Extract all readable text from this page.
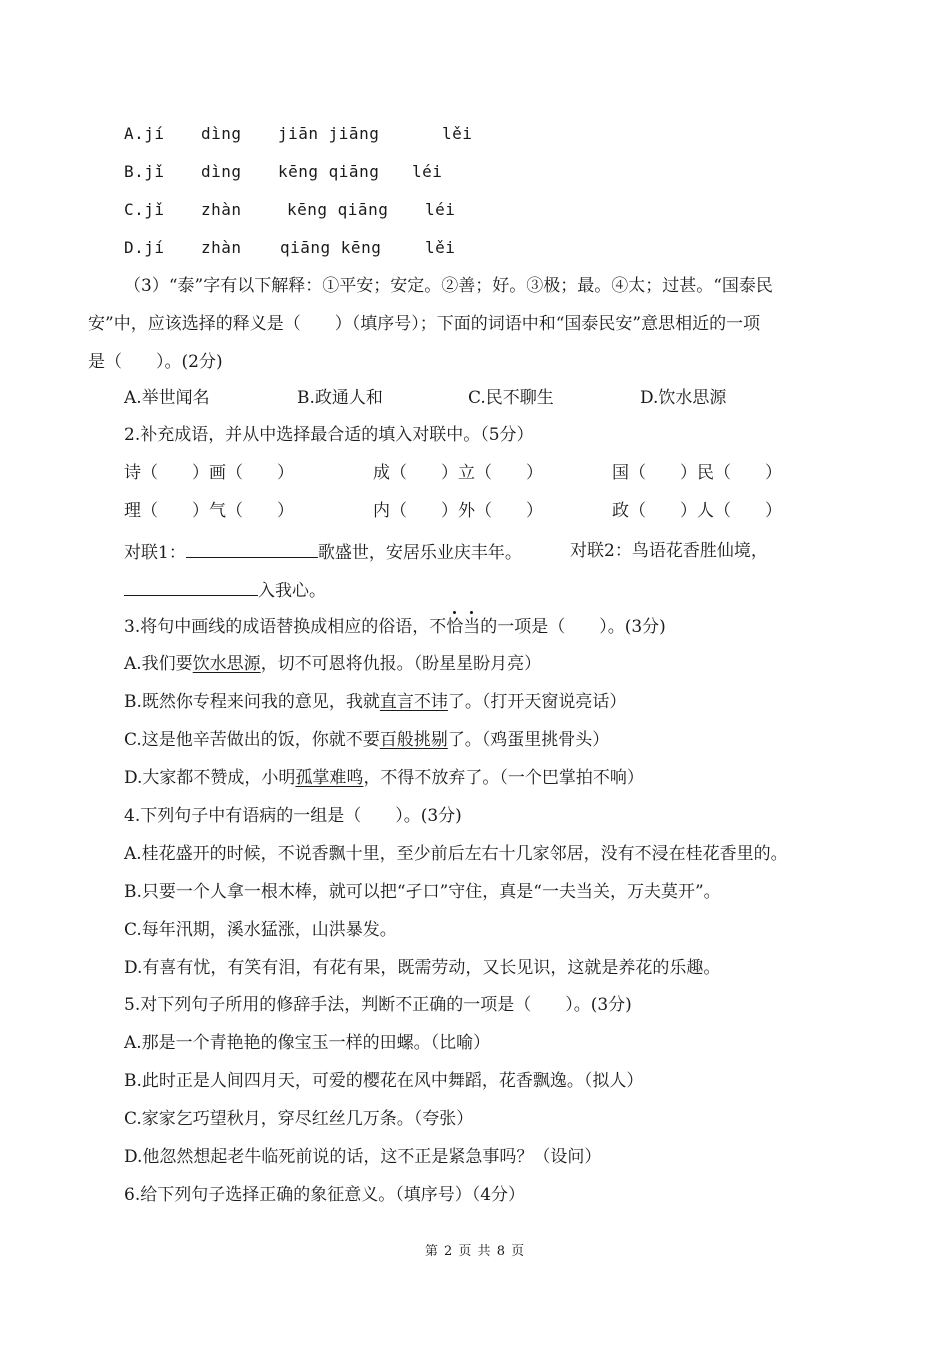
A.jí dìng jiān jiāng	lěi
B.jǐ dìng kēng qiāng léi
C.jǐ zhàn	kēng qiāng léi
D.jí zhàn qiāng kēng	lěi
（3）“泰”字有以下解释：①平安；安定。②善；好。③极；最。④太；过甚。“国泰民
安”中，应该选择的释义是（　　）（填序号）；下面的词语中和“国泰民安”意思相近的一项
是（　　）。(2分)
A.举世闻名	B.政通人和	C.民不聊生	D.饮水思源
2.补充成语，并从中选择最合适的填入对联中。（5分）
诗（　　）画（　　）	成（　　）立（　　）	国（　　）民（　　）
理（　　）气（　　）	内（　　）外（　　）	政（　　）人（　　）
对联1：	歌盛世，安居乐业庆丰年。	对联2：鸟语花香胜仙境，
入我心。
3.将句中画线的成语替换成相应的俗语，不恰当的一项是（　　）。(3分)
A.我们要饮水思源，切不可恩将仇报。（盼星星盼月亮）
B.既然你专程来问我的意见，我就直言不讳了。（打开天窗说亮话）
C.这是他辛苦做出的饭，你就不要百般挑剔了。（鸡蛋里挑骨头）
D.大家都不赞成，小明孤掌难鸣，不得不放弃了。（一个巴掌拍不响）
4.下列句子中有语病的一组是（　　）。(3分)
A.桂花盛开的时候，不说香飘十里，至少前后左右十几家邻居，没有不浸在桂花香里的。
B.只要一个人拿一根木棒，就可以把“孑口”守住，真是“一夫当关，万夫莫开”。
C.每年汛期，溪水猛涨，山洪暴发。
D.有喜有忧，有笑有泪，有花有果，既需劳动，又长见识，这就是养花的乐趣。
5.对下列句子所用的修辞手法，判断不正确的一项是（　　）。(3分)
A.那是一个青艳艳的像宝玉一样的田螺。（比喻）
B.此时正是人间四月天，可爱的樱花在风中舞蹈，花香飘逸。（拟人）
C.家家乞巧望秋月，穿尽红丝几万条。（夸张）
D.他忽然想起老牛临死前说的话，这不正是紧急事吗？（设问）
6.给下列句子选择正确的象征意义。（填序号）（4分）
第 2 页 共 8 页
